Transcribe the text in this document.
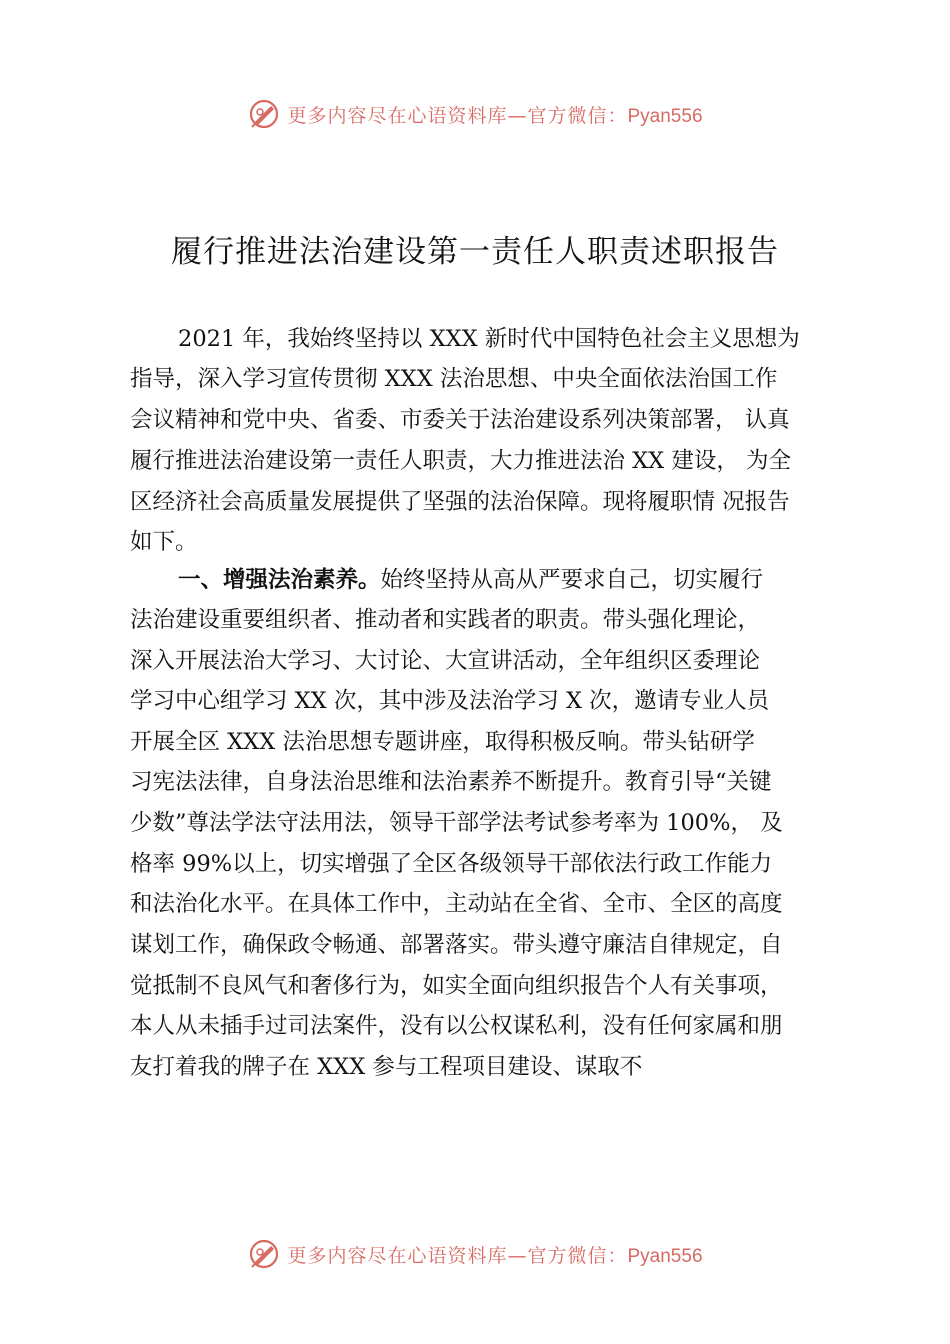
更多内容尽在心语资料库—官方微信：Pyan556
履行推进法治建设第一责任人职责述职报告
2021 年，我始终坚持以 XXX 新时代中国特色社会主义思想为
指导，深入学习宣传贯彻 XXX 法治思想、中央全面依法治国工作
会议精神和党中央、省委、市委关于法治建设系列决策部署， 认真
履行推进法治建设第一责任人职责，大力推进法治 XX 建设， 为全
区经济社会高质量发展提供了坚强的法治保障。现将履职情 况报告
如下。
一、增强法治素养。始终坚持从高从严要求自己，切实履行
法治建设重要组织者、推动者和实践者的职责。带头强化理论，
深入开展法治大学习、大讨论、大宣讲活动，全年组织区委理论
学习中心组学习 XX 次，其中涉及法治学习 X 次，邀请专业人员
开展全区 XXX 法治思想专题讲座，取得积极反响。带头钻研学
习宪法法律，自身法治思维和法治素养不断提升。教育引导“关键
少数”尊法学法守法用法，领导干部学法考试参考率为 100%， 及
格率 99%以上，切实增强了全区各级领导干部依法行政工作能力
和法治化水平。在具体工作中，主动站在全省、全市、全区的高度
谋划工作，确保政令畅通、部署落实。带头遵守廉洁自律规定，自
觉抵制不良风气和奢侈行为，如实全面向组织报告个人有关事项，
本人从未插手过司法案件，没有以公权谋私利，没有任何家属和朋
友打着我的牌子在 XXX 参与工程项目建设、谋取不
更多内容尽在心语资料库—官方微信：Pyan556
